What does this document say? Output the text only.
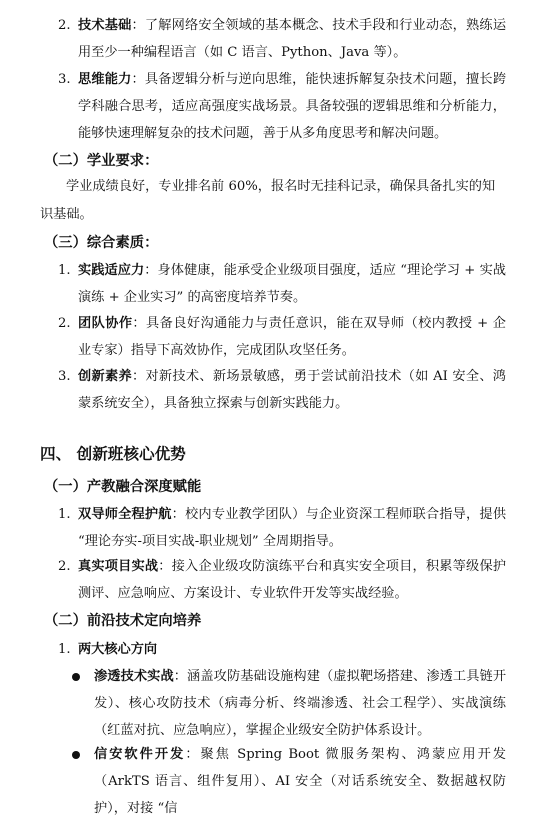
2. 技术基础：了解网络安全领域的基本概念、技术手段和行业动态，熟练运用至少一种编程语言（如 C 语言、Python、Java 等）。
3. 思维能力：具备逻辑分析与逆向思维，能快速拆解复杂技术问题，擅长跨学科融合思考，适应高强度实战场景。具备较强的逻辑思维和分析能力，能够快速理解复杂的技术问题，善于从多角度思考和解决问题。
（二）学业要求：

学业成绩良好，专业排名前 60%，报名时无挂科记录，确保具备扎实的知识基础。

（三）综合素质：
1. 实践适应力：身体健康，能承受企业级项目强度，适应 “理论学习 + 实战演练 + 企业实习” 的高密度培养节奏。
2. 团队协作：具备良好沟通能力与责任意识，能在双导师（校内教授 + 企业专家）指导下高效协作，完成团队攻坚任务。
3. 创新素养：对新技术、新场景敏感，勇于尝试前沿技术（如 AI 安全、鸿蒙系统安全），具备独立探索与创新实践能力。
四、 创新班核心优势
（一）产教融合深度赋能
1. 双导师全程护航：校内专业教学团队）与企业资深工程师联合指导，提供 “理论夯实-项目实战-职业规划” 全周期指导。
2. 真实项目实战：接入企业级攻防演练平台和真实安全项目，积累等级保护测评、应急响应、方案设计、专业软件开发等实战经验。
（二）前沿技术定向培养
1. 两大核心方向
渗透技术实战：涵盖攻防基础设施构建（虚拟靶场搭建、渗透工具链开发）、核心攻防技术（病毒分析、终端渗透、社会工程学）、实战演练（红蓝对抗、应急响应），掌握企业级安全防护体系设计。
信安软件开发：聚焦 Spring Boot 微服务架构、鸿蒙应用开发（ArkTS 语言、组件复用）、AI 安全（对话系统安全、数据越权防护），对接 “信
